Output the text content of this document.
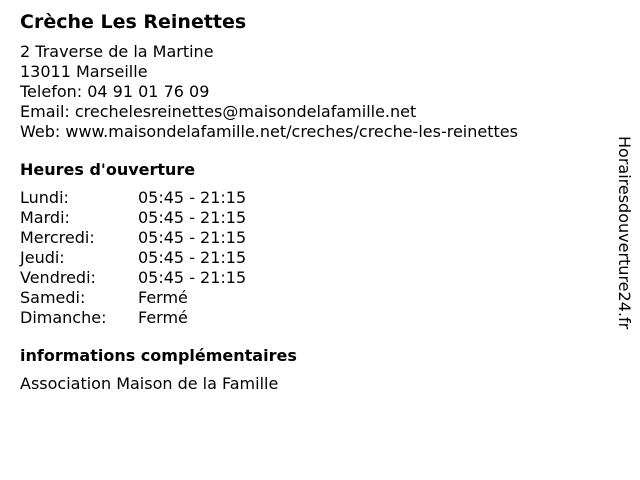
Crèche Les Reinettes
2 Traverse de la Martine
13011 Marseille
Telefon: 04 91 01 76 09
Email: crechelesreinettes@maisondelafamille.net
Web: www.maisondelafamille.net/creches/creche-les-reinettes
Heures d'ouverture
Lundi:	05:45 - 21:15
Mardi:	05:45 - 21:15
Mercredi:	05:45 - 21:15
Jeudi:	05:45 - 21:15
Vendredi:	05:45 - 21:15
Samedi:	Fermé
Dimanche:	Fermé
informations complémentaires
Association Maison de la Famille
Horairesdouverture24.fr
